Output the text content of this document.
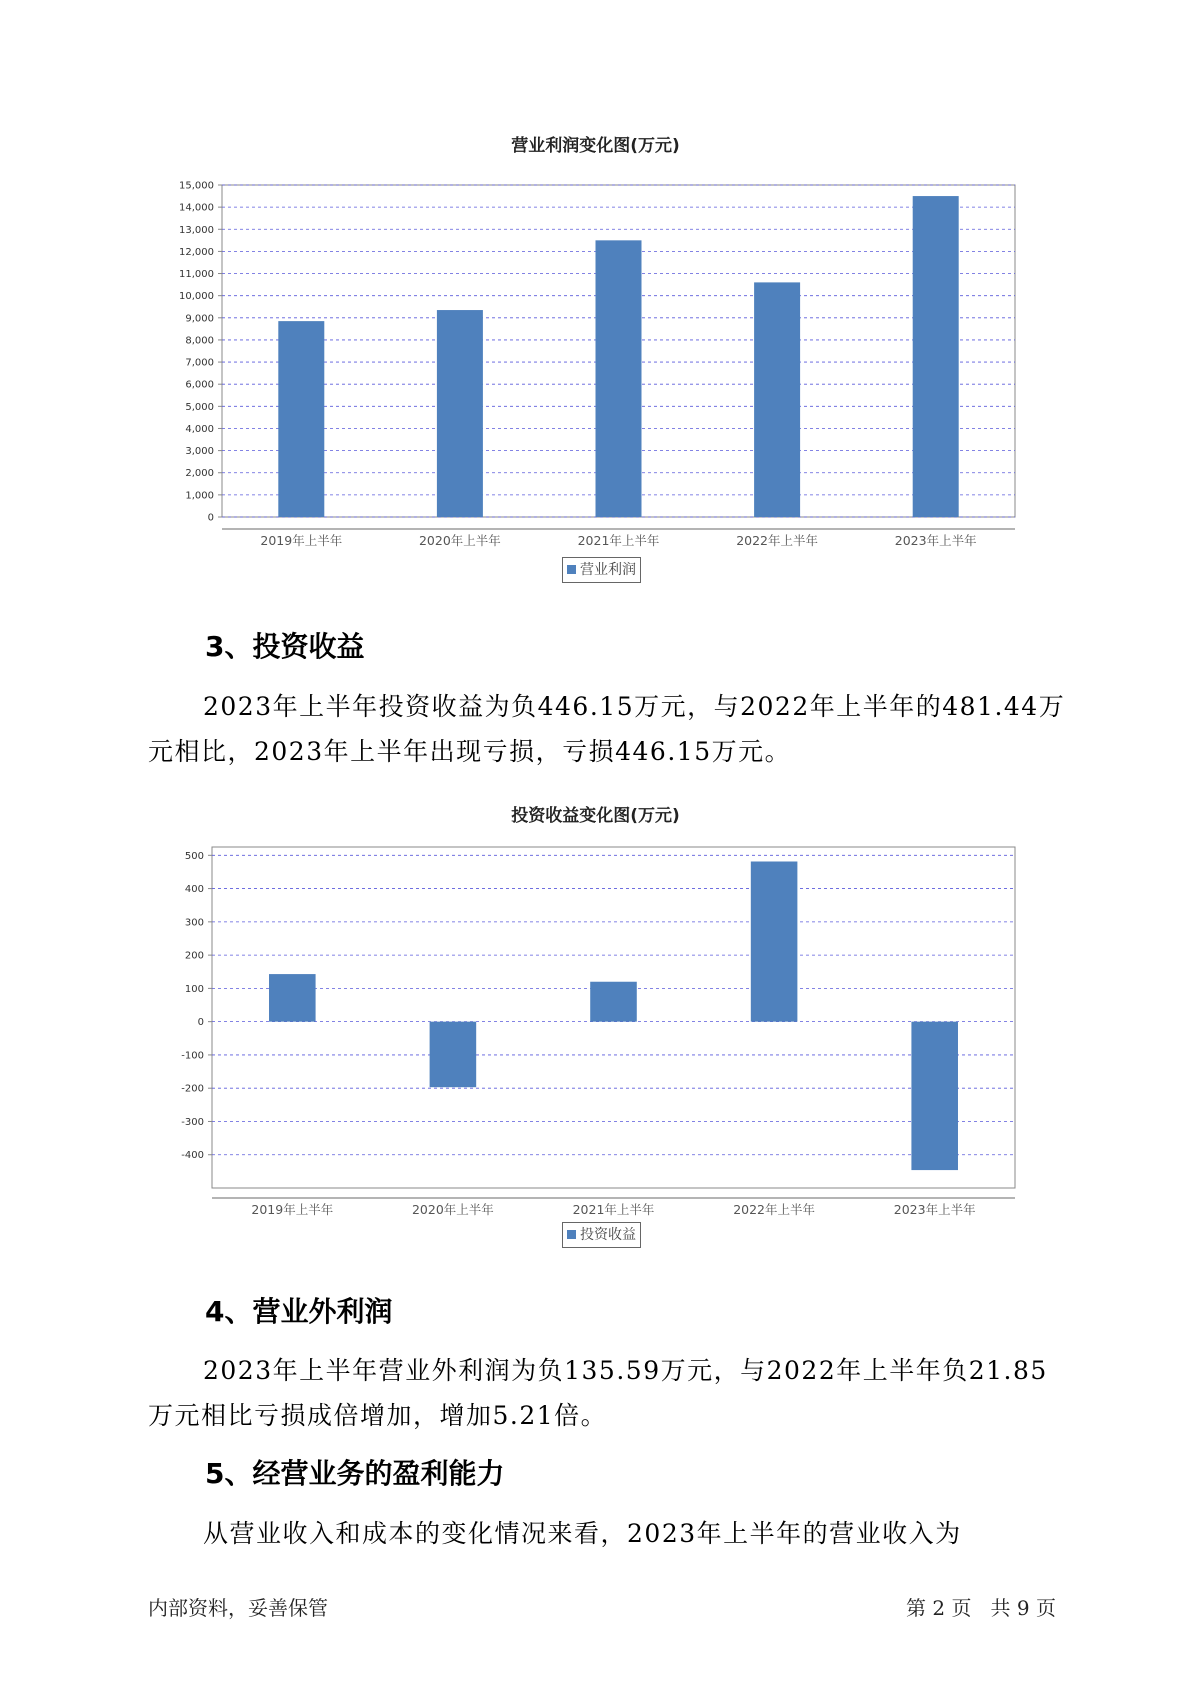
营业利润变化图(万元)
0
1,000
2,000
3,000
4,000
5,000
6,000
7,000
8,000
9,000
10,000
11,000
12,000
13,000
14,000
15,000
2019年上半年	2020年上半年	2021年上半年	2022年上半年	2023年上半年
营业利润
3、投资收益

2023年上半年投资收益为负446.15万元，与2022年上半年的481.44万元相比，2023年上半年出现亏损，亏损446.15万元。

投资收益变化图(万元)
-400
-300
-200
-100
0
100
200
300
400
500
2019年上半年	2020年上半年	2021年上半年	2022年上半年	2023年上半年
投资收益
4、营业外利润

2023年上半年营业外利润为负135.59万元，与2022年上半年负21.85万元相比亏损成倍增加，增加5.21倍。

5、经营业务的盈利能力

从营业收入和成本的变化情况来看，2023年上半年的营业收入为

内部资料，妥善保管	第 2 页   共 9 页
